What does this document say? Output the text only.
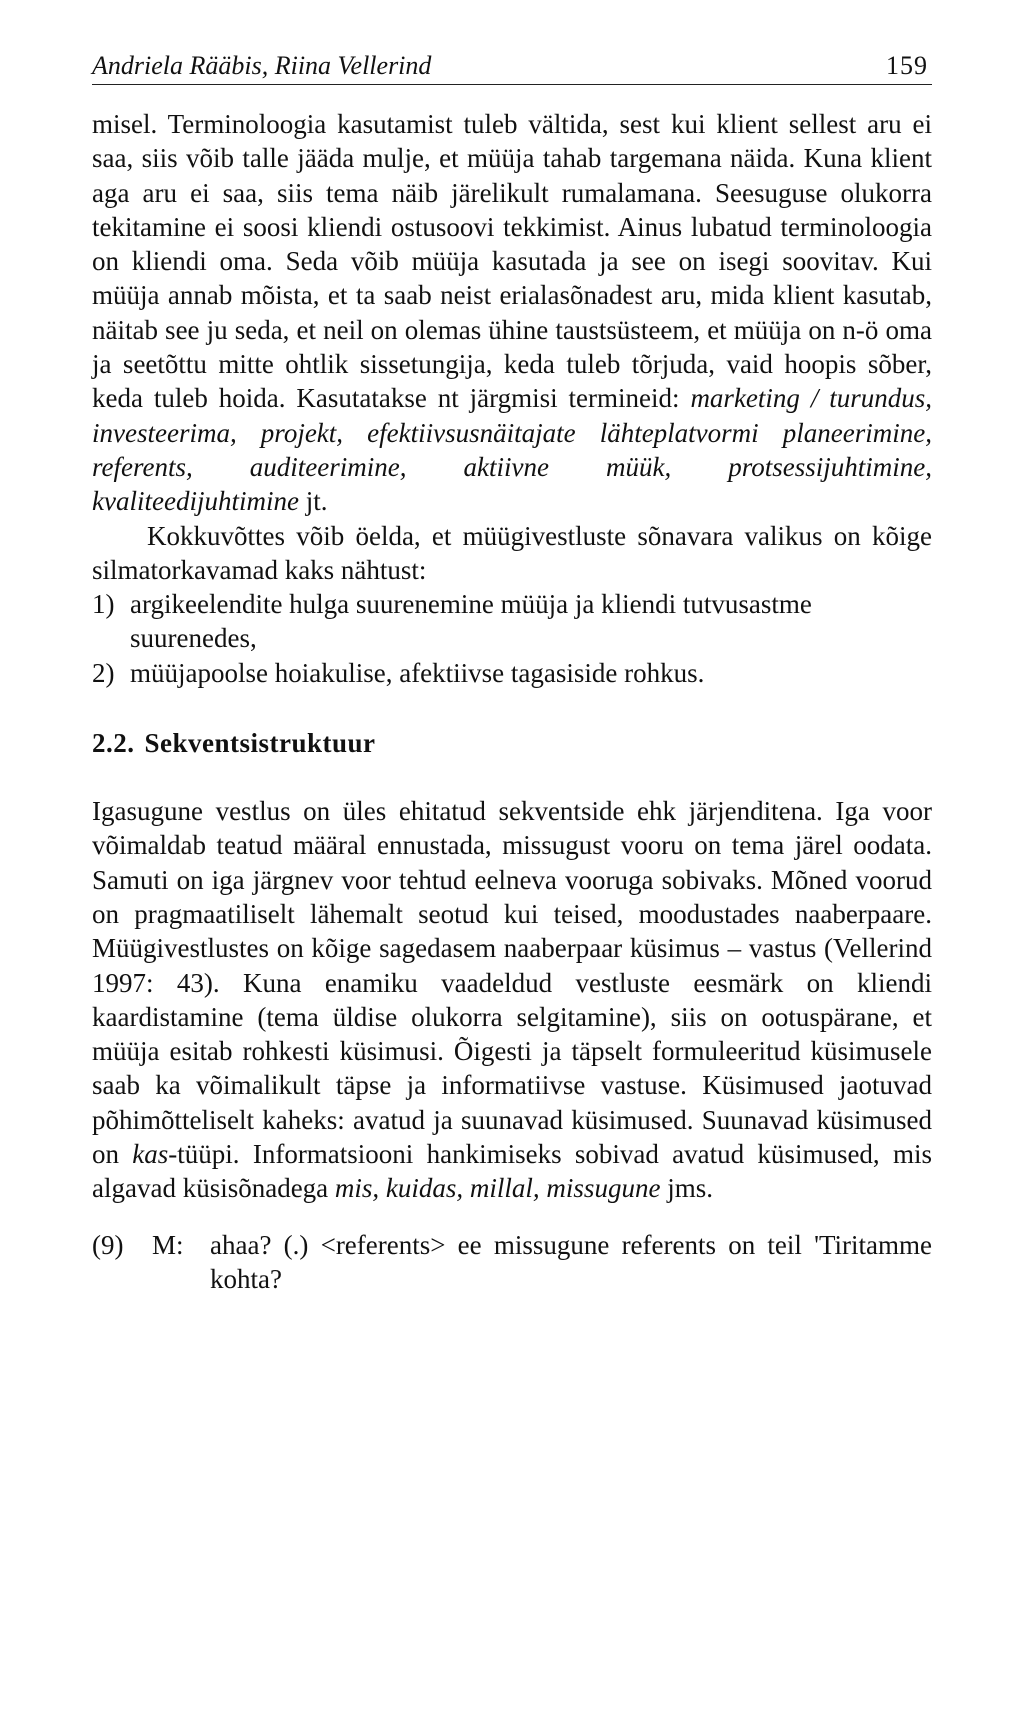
Andriela Rääbis, Riina Vellerind	159

misel. Terminoloogia kasutamist tuleb vältida, sest kui klient sellest aru ei saa, siis võib talle jääda mulje, et müüja tahab targemana näida. Kuna klient aga aru ei saa, siis tema näib järelikult rumalamana. Seesuguse olukorra tekitamine ei soosi kliendi ostusoovi tekkimist. Ainus lubatud terminoloogia on kliendi oma. Seda võib müüja kasutada ja see on isegi soovitav. Kui müüja annab mõista, et ta saab neist erialasõnadest aru, mida klient kasutab, näitab see ju seda, et neil on olemas ühine taustsüsteem, et müüja on n-ö oma ja seetõttu mitte ohtlik sissetungija, keda tuleb tõrjuda, vaid hoopis sõber, keda tuleb hoida. Kasutatakse nt järgmisi termineid: marketing / turundus, investeerima, projekt, efektiivsusnäitajate lähteplatvormi planeerimine, referents, auditeerimine, aktiivne müük, protsessijuhtimine, kvaliteedijuhtimine jt.

Kokkuvõttes võib öelda, et müügivestluste sõnavara valikus on kõige silmatorkavamad kaks nähtust:

1) argikeelendite hulga suurenemine müüja ja kliendi tutvusastme suurenedes,
2) müüjapoolse hoiakulise, afektiivse tagasiside rohkus.
2.2. Sekventsistruktuur

Igasugune vestlus on üles ehitatud sekventside ehk järjenditena. Iga voor võimaldab teatud määral ennustada, missugust vooru on tema järel oodata. Samuti on iga järgnev voor tehtud eelneva vooruga sobivaks. Mõned voorud on pragmaatiliselt lähemalt seotud kui teised, moodustades naaberpaare. Müügivestlustes on kõige sagedasem naaberpaar küsimus – vastus (Vellerind 1997: 43). Kuna enamiku vaadeldud vestluste eesmärk on kliendi kaardistamine (tema üldise olukorra selgitamine), siis on ootuspärane, et müüja esitab rohkesti küsimusi. Õigesti ja täpselt formuleeritud küsimusele saab ka võimalikult täpse ja informatiivse vastuse. Küsimused jaotuvad põhimõtteliselt kaheks: avatud ja suunavad küsimused. Suunavad küsimused on kas-tüüpi. Informatsiooni hankimiseks sobivad avatud küsimused, mis algavad küsisõnadega mis, kuidas, millal, missugune jms.

(9)	M: ahaa? (.) <referents> ee missugune referents on teil 'Tiritamme kohta?
